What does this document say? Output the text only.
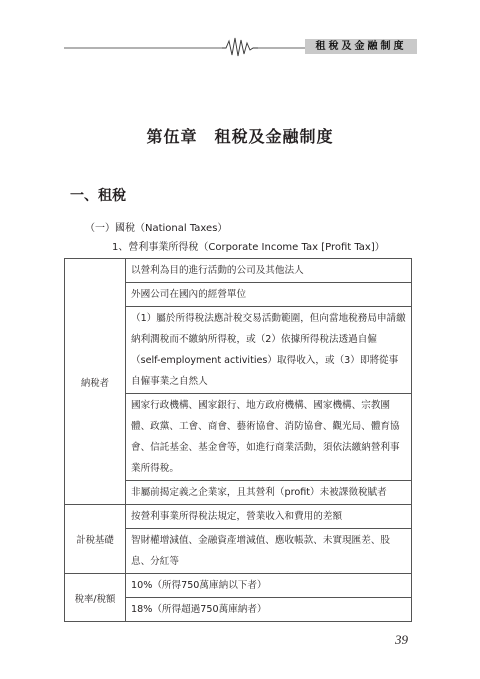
租稅及金融制度
第伍章　租稅及金融制度
一、租稅
（一）國稅（National Taxes）
1、營利事業所得稅（Corporate Income Tax [Profit Tax]）
納稅者	以營利為目的進行活動的公司及其他法人
	外國公司在國內的經營單位
	（1）屬於所得稅法應計稅交易活動範圍，但向當地稅務局申請繳納利潤稅而不繳納所得稅，或（2）依據所得稅法透過自僱（self-employment activities）取得收入，或（3）即將從事自僱事業之自然人
	國家行政機構、國家銀行、地方政府機構、國家機構、宗教團體、政黨、工會、商會、藝術協會、消防協會、觀光局、體育協會、信託基金、基金會等，如進行商業活動，須依法繳納營利事業所得稅。
	非屬前揭定義之企業家，且其營利（profit）未被課徵稅賦者
計稅基礎	按營利事業所得稅法規定，營業收入和費用的差額
	智財權增減值、金融資產增減值、應收帳款、未實現匯差、股息、分紅等
稅率/稅額	10%（所得750萬庫納以下者）
	18%（所得超過750萬庫納者）
39
